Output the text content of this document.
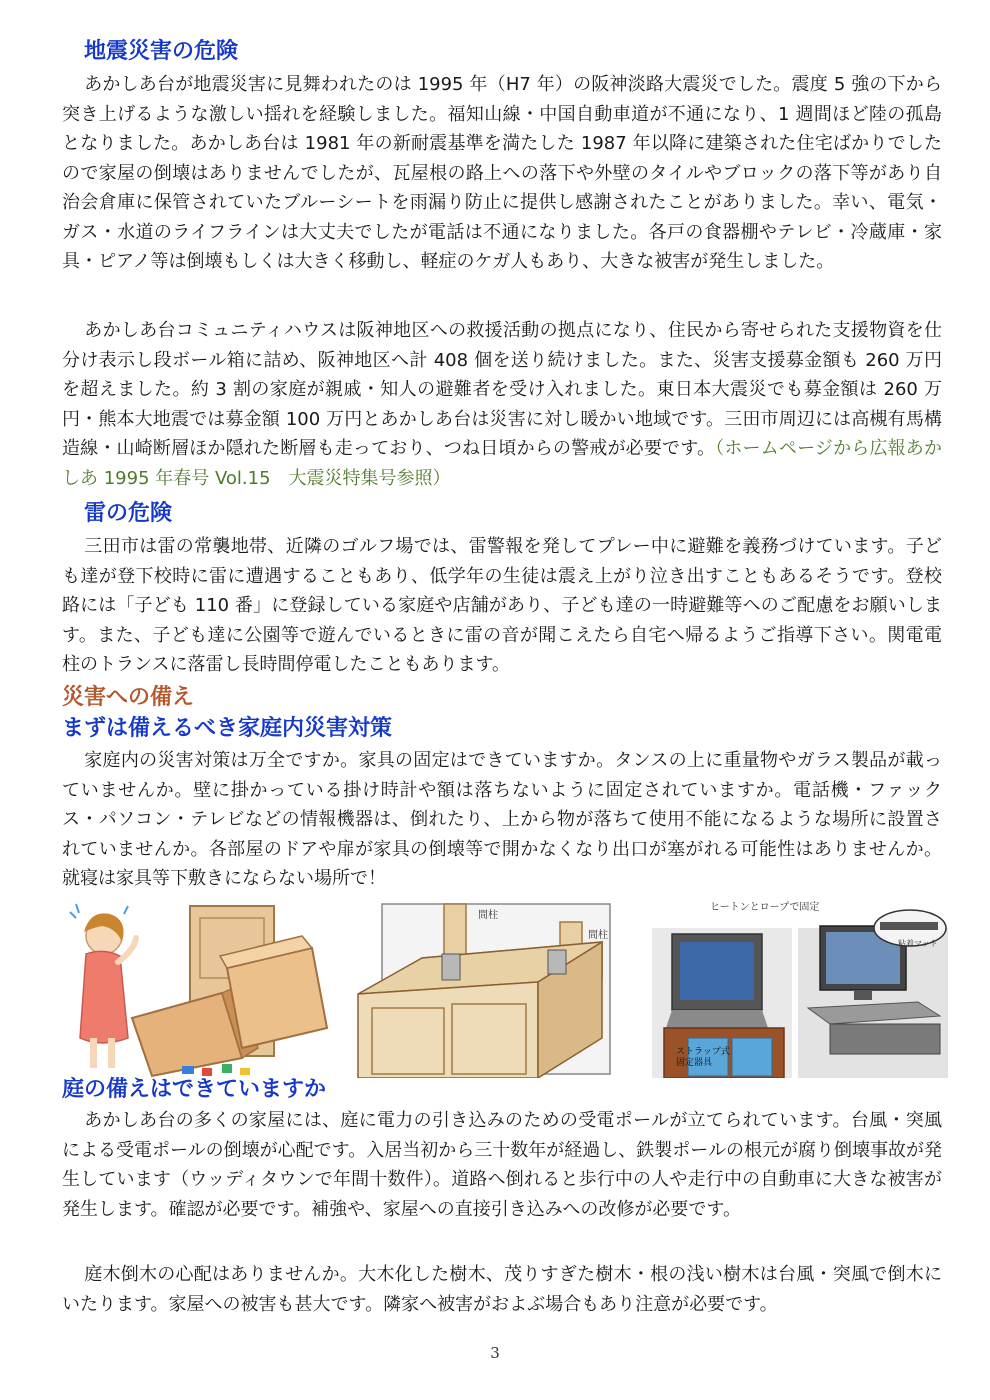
地震災害の危険

あかしあ台が地震災害に見舞われたのは 1995 年（H7 年）の阪神淡路大震災でした。震度 5 強の下から突き上げるような激しい揺れを経験しました。福知山線・中国自動車道が不通になり、1 週間ほど陸の孤島となりました。あかしあ台は 1981 年の新耐震基準を満たした 1987 年以降に建築された住宅ばかりでしたので家屋の倒壊はありませんでしたが、瓦屋根の路上への落下や外壁のタイルやブロックの落下等があり自治会倉庫に保管されていたブルーシートを雨漏り防止に提供し感謝されたことがありました。幸い、電気・ガス・水道のライフラインは大丈夫でしたが電話は不通になりました。各戸の食器棚やテレビ・冷蔵庫・家具・ピアノ等は倒壊もしくは大きく移動し、軽症のケガ人もあり、大きな被害が発生しました。

あかしあ台コミュニティハウスは阪神地区への救援活動の拠点になり、住民から寄せられた支援物資を仕分け表示し段ボール箱に詰め、阪神地区へ計 408 個を送り続けました。また、災害支援募金額も 260 万円を超えました。約 3 割の家庭が親戚・知人の避難者を受け入れました。東日本大震災でも募金額は 260 万円・熊本大地震では募金額 100 万円とあかしあ台は災害に対し暖かい地域です。三田市周辺には高槻有馬構造線・山崎断層ほか隠れた断層も走っており、つね日頃からの警戒が必要です。（ホームページから広報あかしあ 1995 年春号 Vol.15　大震災特集号参照）

雷の危険

三田市は雷の常襲地帯、近隣のゴルフ場では、雷警報を発してプレー中に避難を義務づけています。子ども達が登下校時に雷に遭遇することもあり、低学年の生徒は震え上がり泣き出すこともあるそうです。登校路には「子ども 110 番」に登録している家庭や店舗があり、子ども達の一時避難等へのご配慮をお願いします。また、子ども達に公園等で遊んでいるときに雷の音が聞こえたら自宅へ帰るようご指導下さい。関電電柱のトランスに落雷し長時間停電したこともあります。

災害への備え
まずは備えるべき家庭内災害対策

家庭内の災害対策は万全ですか。家具の固定はできていますか。タンスの上に重量物やガラス製品が載っていませんか。壁に掛かっている掛け時計や額は落ちないように固定されていますか。電話機・ファックス・パソコン・テレビなどの情報機器は、倒れたり、上から物が落ちて使用不能になるような場所に設置されていませんか。各部屋のドアや扉が家具の倒壊等で開かなくなり出口が塞がれる可能性はありませんか。就寝は家具等下敷きにならない場所で！

間柱
間柱
ヒートンとロープで固定
ストラップ式
固定器具
粘着マット
庭の備えはできていますか

あかしあ台の多くの家屋には、庭に電力の引き込みのための受電ポールが立てられています。台風・突風による受電ポールの倒壊が心配です。入居当初から三十数年が経過し、鉄製ポールの根元が腐り倒壊事故が発生しています（ウッディタウンで年間十数件）。道路へ倒れると歩行中の人や走行中の自動車に大きな被害が発生します。確認が必要です。補強や、家屋への直接引き込みへの改修が必要です。

庭木倒木の心配はありませんか。大木化した樹木、茂りすぎた樹木・根の浅い樹木は台風・突風で倒木にいたります。家屋への被害も甚大です。隣家へ被害がおよぶ場合もあり注意が必要です。

3
